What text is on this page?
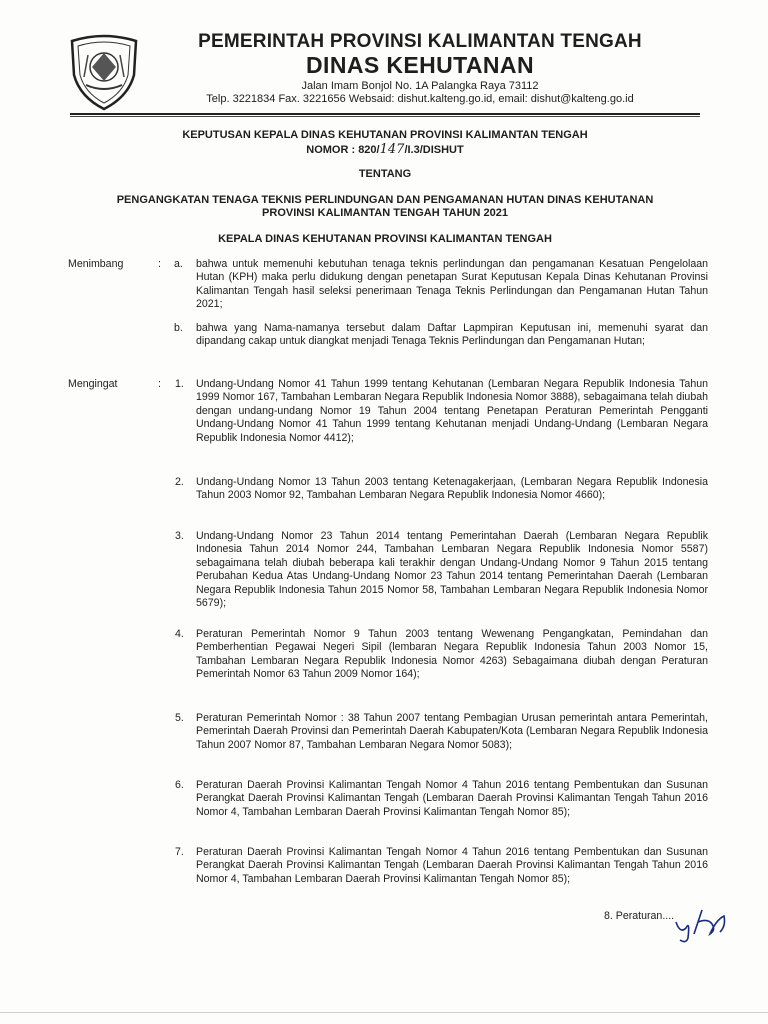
PEMERINTAH PROVINSI KALIMANTAN TENGAH
DINAS KEHUTANAN
Jalan Imam Bonjol No. 1A Palangka Raya 73112
Telp. 3221834 Fax. 3221656 Websaid: dishut.kalteng.go.id, email: dishut@kalteng.go.id
KEPUTUSAN KEPALA DINAS KEHUTANAN PROVINSI KALIMANTAN TENGAH
NOMOR : 820/147/I.3/DISHUT
TENTANG
PENGANGKATAN TENAGA TEKNIS PERLINDUNGAN DAN PENGAMANAN HUTAN DINAS KEHUTANAN
PROVINSI KALIMANTAN TENGAH TAHUN 2021
KEPALA DINAS KEHUTANAN PROVINSI KALIMANTAN TENGAH
Menimbang	: a. bahwa untuk memenuhi kebutuhan tenaga teknis perlindungan dan pengamanan Kesatuan Pengelolaan Hutan (KPH) maka perlu didukung dengan penetapan Surat Keputusan Kepala Dinas Kehutanan Provinsi Kalimantan Tengah hasil seleksi penerimaan Tenaga Teknis Perlindungan dan Pengamanan Hutan Tahun 2021;
b. bahwa yang Nama-namanya tersebut dalam Daftar Lapmpiran Keputusan ini, memenuhi syarat dan dipandang cakap untuk diangkat menjadi Tenaga Teknis Perlindungan dan Pengamanan Hutan;
Mengingat	: 1. Undang-Undang Nomor 41 Tahun 1999 tentang Kehutanan (Lembaran Negara Republik Indonesia Tahun 1999 Nomor 167, Tambahan Lembaran Negara Republik Indonesia Nomor 3888), sebagaimana telah diubah dengan undang-undang Nomor 19 Tahun 2004 tentang Penetapan Peraturan Pemerintah Pengganti Undang-Undang Nomor 41 Tahun 1999 tentang Kehutanan menjadi Undang-Undang (Lembaran Negara Republik Indonesia Nomor 4412);
2. Undang-Undang Nomor 13 Tahun 2003 tentang Ketenagakerjaan, (Lembaran Negara Republik Indonesia Tahun 2003 Nomor 92, Tambahan Lembaran Negara Republik Indonesia Nomor 4660);
3. Undang-Undang Nomor 23 Tahun 2014 tentang Pemerintahan Daerah (Lembaran Negara Republik Indonesia Tahun 2014 Nomor 244, Tambahan Lembaran Negara Republik Indonesia Nomor 5587) sebagaimana telah diubah beberapa kali terakhir dengan Undang-Undang Nomor 9 Tahun 2015 tentang Perubahan Kedua Atas Undang-Undang Nomor 23 Tahun 2014 tentang Pemerintahan Daerah (Lembaran Negara Republik Indonesia Tahun 2015 Nomor 58, Tambahan Lembaran Negara Republik Indonesia Nomor 5679);
4. Peraturan Pemerintah Nomor 9 Tahun 2003 tentang Wewenang Pengangkatan, Pemindahan dan Pemberhentian Pegawai Negeri Sipil (lembaran Negara Republik Indonesia Tahun 2003 Nomor 15, Tambahan Lembaran Negara Republik Indonesia Nomor 4263) Sebagaimana diubah dengan Peraturan Pemerintah Nomor 63 Tahun 2009 Nomor 164);
5. Peraturan Pemerintah Nomor : 38 Tahun 2007 tentang Pembagian Urusan pemerintah antara Pemerintah, Pemerintah Daerah Provinsi dan Pemerintah Daerah Kabupaten/Kota (Lembaran Negara Republik Indonesia Tahun 2007 Nomor 87, Tambahan Lembaran Negara Nomor 5083);
6. Peraturan Daerah Provinsi Kalimantan Tengah Nomor 4 Tahun 2016 tentang Pembentukan dan Susunan Perangkat Daerah Provinsi Kalimantan Tengah (Lembaran Daerah Provinsi Kalimantan Tengah Tahun 2016 Nomor 4, Tambahan Lembaran Daerah Provinsi Kalimantan Tengah Nomor 85);
7. Peraturan Daerah Provinsi Kalimantan Tengah Nomor 4 Tahun 2016 tentang Pembentukan dan Susunan Perangkat Daerah Provinsi Kalimantan Tengah (Lembaran Daerah Provinsi Kalimantan Tengah Tahun 2016 Nomor 4, Tambahan Lembaran Daerah Provinsi Kalimantan Tengah Nomor 85);
8. Peraturan....
